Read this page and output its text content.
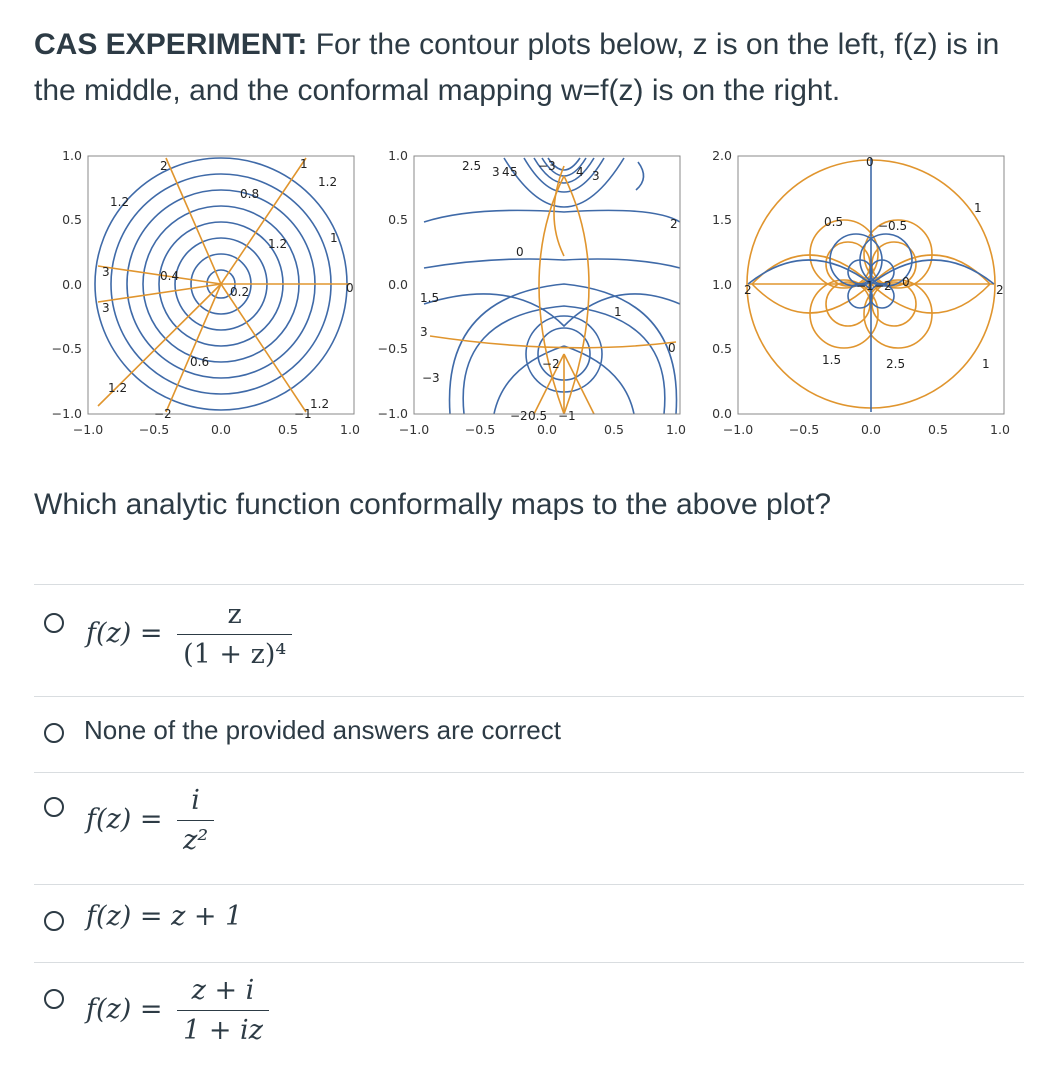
CAS EXPERIMENT: For the contour plots below, z is on the left, f(z) is in the middle, and the conformal mapping w=f(z) is on the right.
2	1
1.2
0.8
1.2
1
3	0.4
0.2	0
3
0.6
1.2
−2	−1
1.2
1.2
1.0
0.5
0.0
−0.5
−1.0
−1.0	−0.5	0.0	0.5	1.0
2.5 3 4 5 −3 4 3
2
1.5
3
1
−3
−2
0
−2 0.5 −1
0
1.0
0.5
0.0
−0.5
−1.0
−1.0	−0.5	0.0	0.5	1.0
0
0.5	−0.5
1
2
0
2
1.5	2.5	1
−1 −2
2.0
1.5
1.0
0.5
0.0
−1.0	−0.5	0.0	0.5	1.0
Which analytic function conformally maps to the above plot?
$f(z) = \frac{z}{\text{(1 + z)⁴}}$
None of the provided answers are correct
$f(z) = \frac{i}{\text{z²}}$
f(z) = z + 1
$f(z) = \frac{z + i}{1 + iz}$
